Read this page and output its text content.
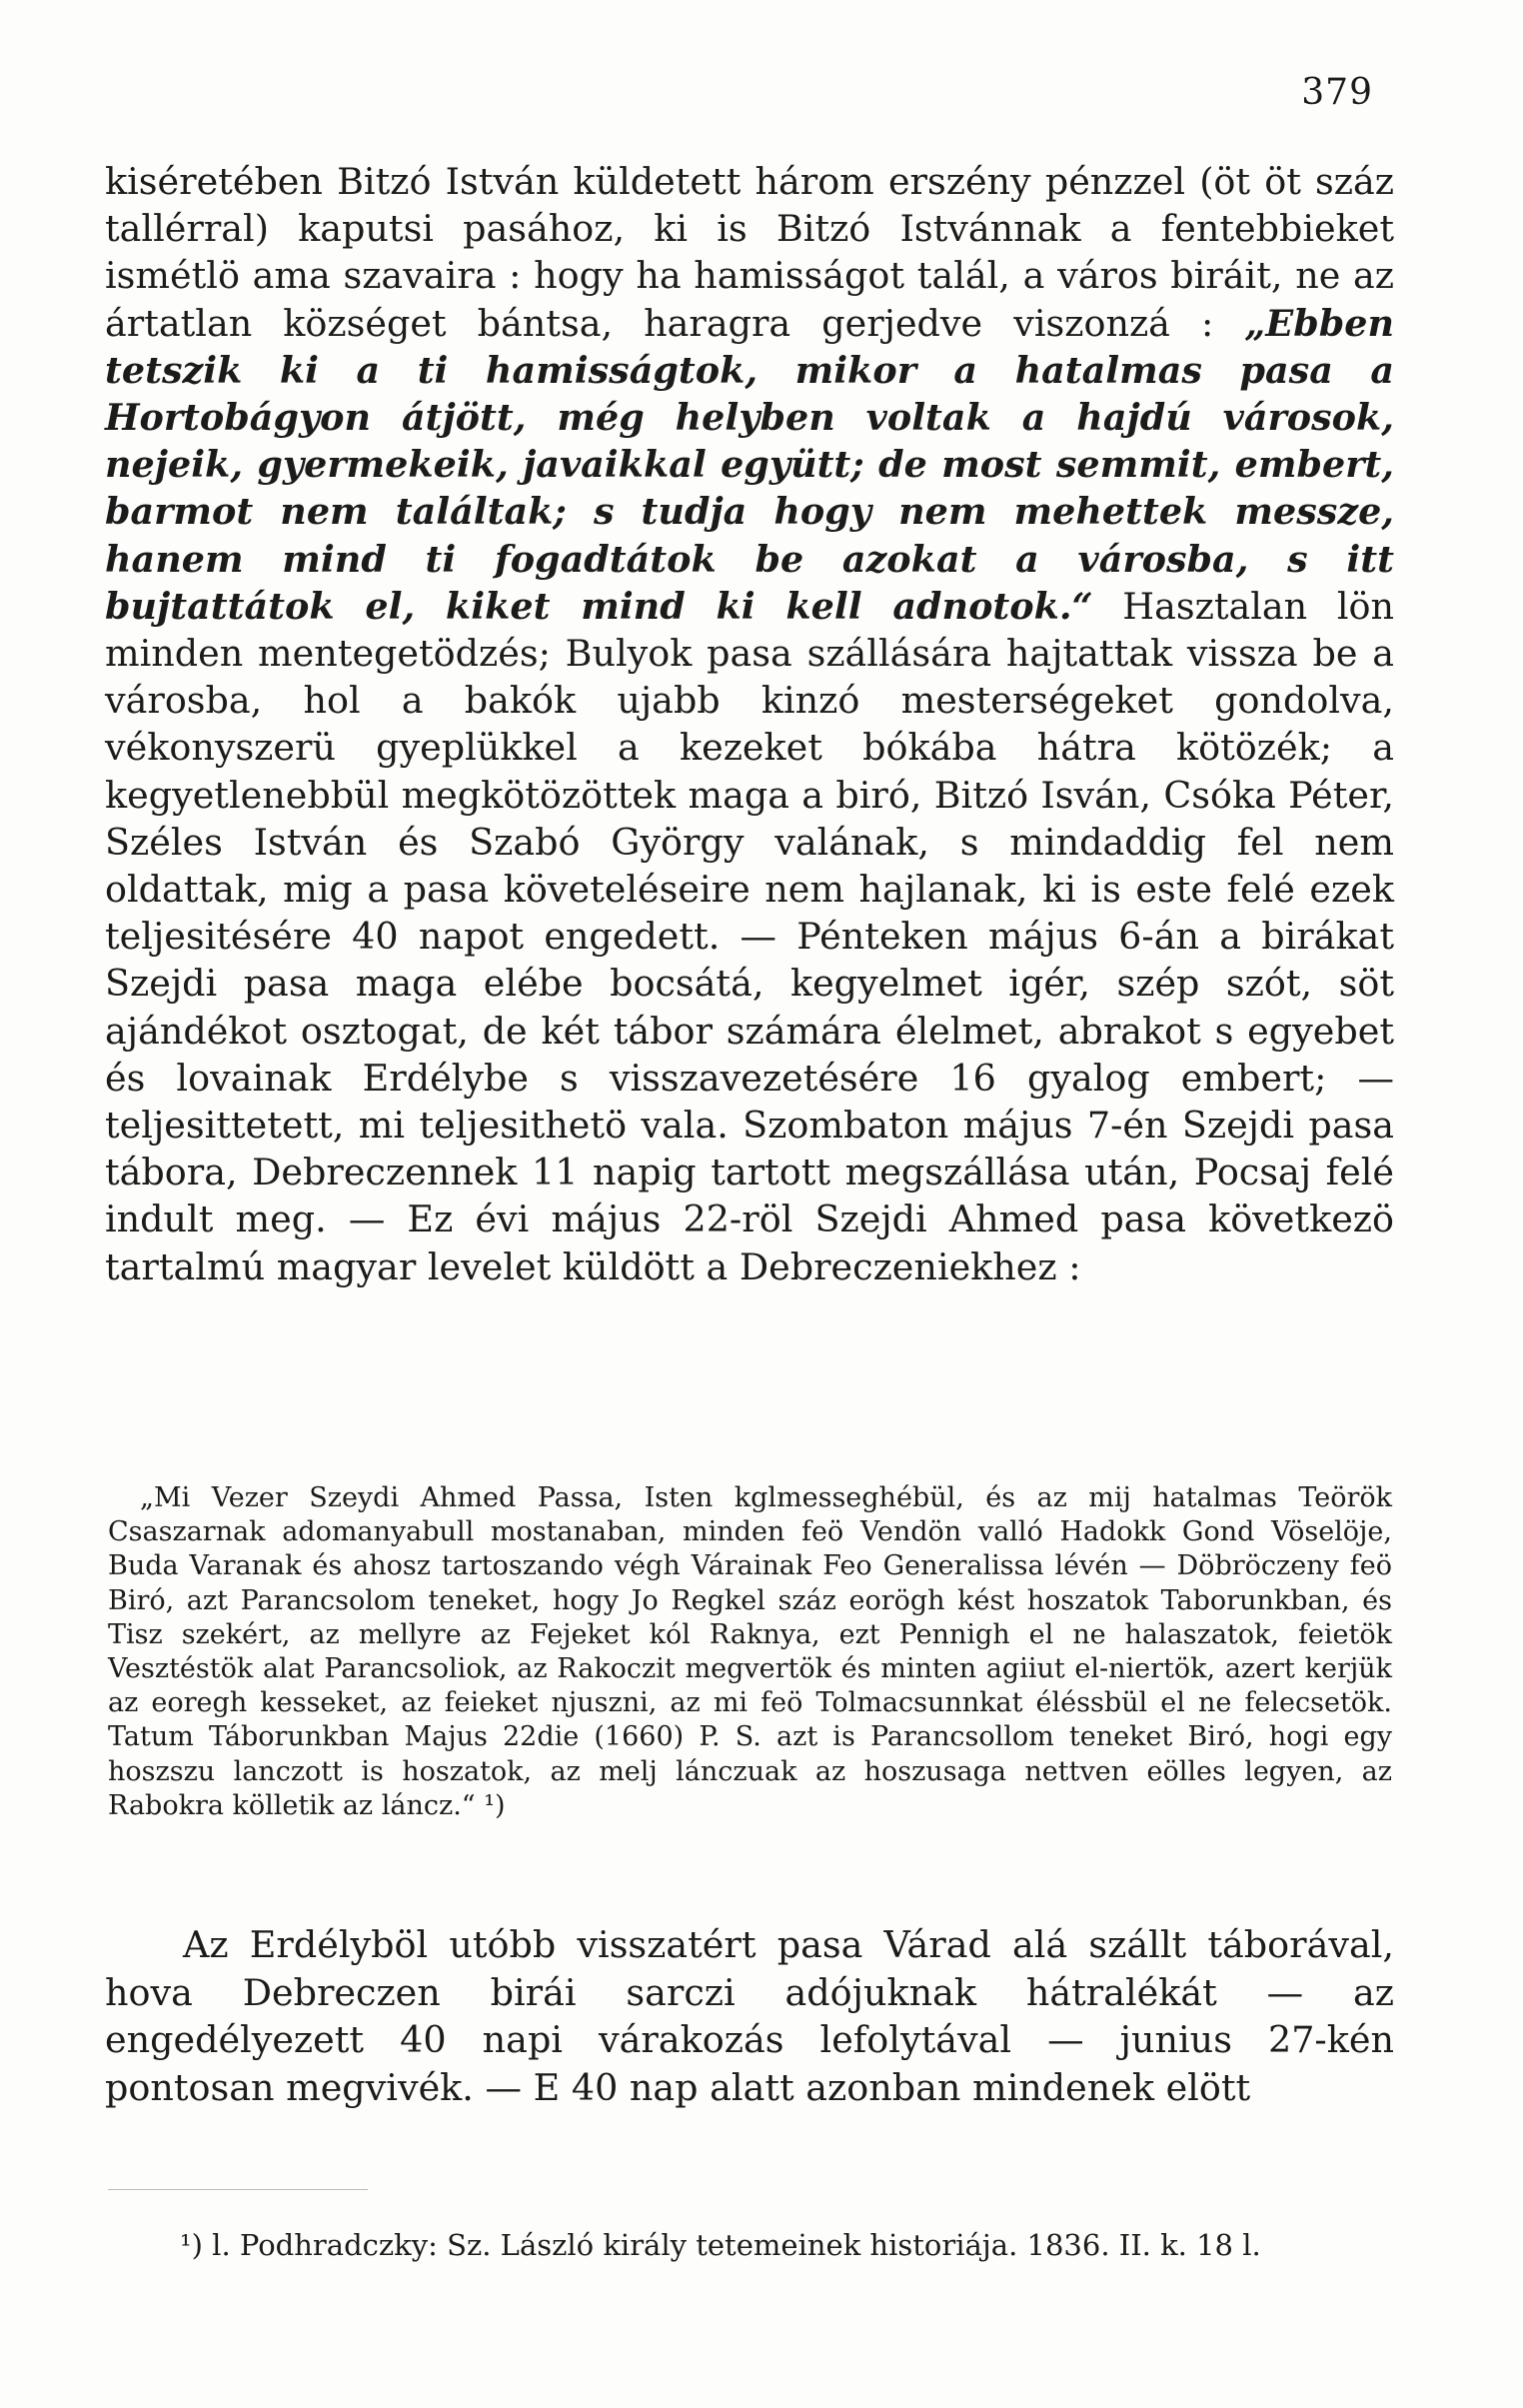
379

kiséretében Bitzó István küldetett három erszény pénzzel (öt öt száz tallérral) kaputsi pasához, ki is Bitzó Istvánnak a fentebbieket ismétlö ama szavaira : hogy ha hamisságot talál, a város biráit, ne az ártatlan községet bántsa, haragra gerjedve viszonzá : „Ebben tetszik ki a ti hamisságtok, mikor a hatalmas pasa a Hortobágyon átjött, még helyben voltak a hajdú városok, nejeik, gyermekeik, javaikkal együtt; de most semmit, embert, barmot nem találtak; s tudja hogy nem mehettek messze, hanem mind ti fogadtátok be azokat a városba, s itt bujtattátok el, kiket mind ki kell adnotok.“ Hasztalan lön minden mentegetödzés; Bulyok pasa szállására hajtattak vissza be a városba, hol a bakók ujabb kinzó mesterségeket gondolva, vékonyszerü gyeplükkel a kezeket bókába hátra kötözék; a kegyetlenebbül megkötözöttek maga a biró, Bitzó Isván, Csóka Péter, Széles István és Szabó György valának, s mindaddig fel nem oldattak, mig a pasa követeléseire nem hajlanak, ki is este felé ezek teljesitésére 40 napot engedett. — Pénteken május 6-án a birákat Szejdi pasa maga elébe bocsátá, kegyelmet igér, szép szót, söt ajándékot osztogat, de két tábor számára élelmet, abrakot s egyebet és lovainak Erdélybe s visszavezetésére 16 gyalog embert; — teljesittetett, mi teljesithetö vala. Szombaton május 7-én Szejdi pasa tábora, Debreczennek 11 napig tartott megszállása után, Pocsaj felé indult meg. — Ez évi május 22-röl Szejdi Ahmed pasa következö tartalmú magyar levelet küldött a Debreczeniekhez :

„Mi Vezer Szeydi Ahmed Passa, Isten kglmesseghébül, és az mij hatalmas Teörök Csaszarnak adomanyabull mostanaban, minden feö Vendön valló Hadokk Gond Vöselöje, Buda Varanak és ahosz tartoszando végh Várainak Feo Generalissa lévén — Döbröczeny feö Biró, azt Parancsolom teneket, hogy Jo Regkel száz eorögh kést hoszatok Taborunkban, és Tisz szekért, az mellyre az Fejeket kól Raknya, ezt Pennigh el ne halaszatok, feietök Vesztéstök alat Parancsoliok, az Rakoczit megvertök és minten agiiut el-niertök, azert kerjük az eoregh kesseket, az feieket njuszni, az mi feö Tolmacsunnkat éléssbül el ne felecsetök. Tatum Táborunkban Majus 22die (1660) P. S. azt is Parancsollom teneket Biró, hogi egy hoszszu lanczott is hoszatok, az melj lánczuak az hoszusaga nettven eölles legyen, az Rabokra kölletik az láncz.“ ¹)

Az Erdélyböl utóbb visszatért pasa Várad alá szállt táborával, hova Debreczen birái sarczi adójuknak hátralékát — az engedélyezett 40 napi várakozás lefolytával — junius 27-kén pontosan megvivék. — E 40 nap alatt azonban mindenek elött

¹) l. Podhradczky: Sz. László király tetemeinek historiája. 1836. II. k. 18 l.
